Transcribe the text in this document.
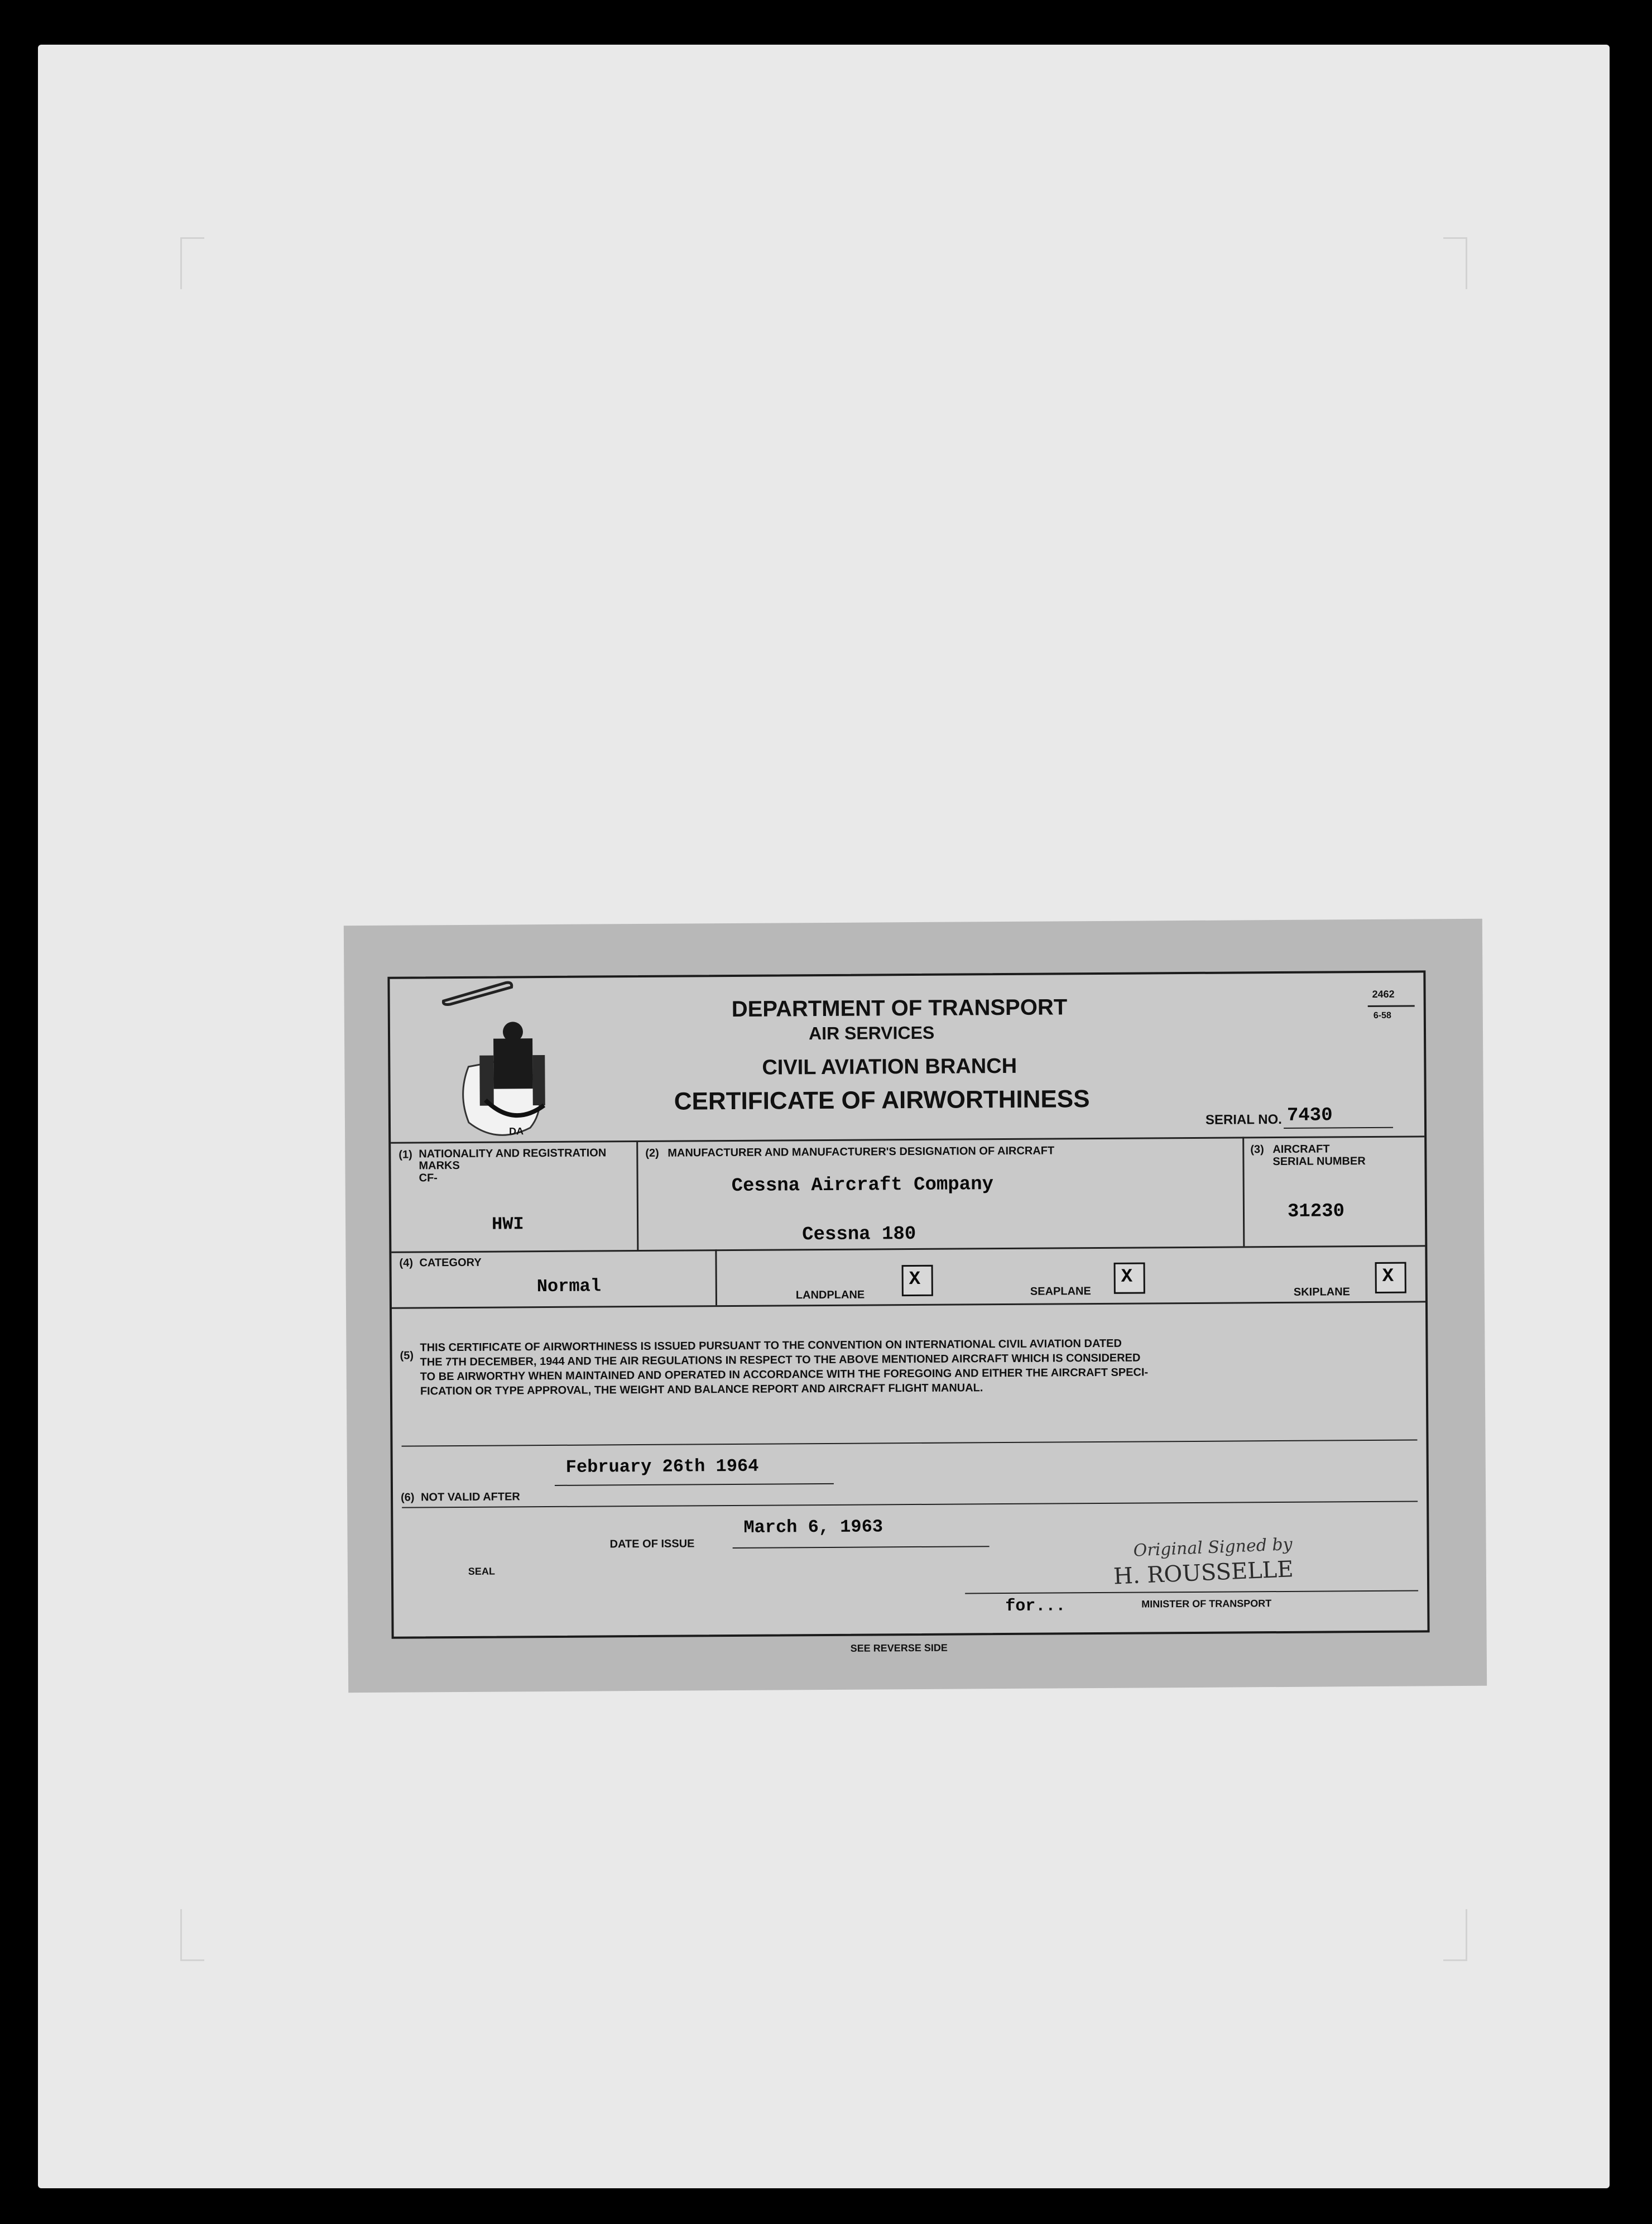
DA
DEPARTMENT OF TRANSPORT
AIR SERVICES
CIVIL AVIATION BRANCH
CERTIFICATE OF AIRWORTHINESS
2462
6-58
SERIAL NO. 7430
(1) NATIONALITY AND REGISTRATION MARKS
CF-
HWI
(2) MANUFACTURER AND MANUFACTURER'S DESIGNATION OF AIRCRAFT
Cessna Aircraft Company
Cessna 180
(3) AIRCRAFT
SERIAL NUMBER
31230
(4) CATEGORY
Normal	LANDPLANE
X
SEAPLANE
X
SKIPLANE
X
(5)
THIS CERTIFICATE OF AIRWORTHINESS IS ISSUED PURSUANT TO THE CONVENTION ON INTERNATIONAL CIVIL AVIATION DATED
THE 7TH DECEMBER, 1944 AND THE AIR REGULATIONS IN RESPECT TO THE ABOVE MENTIONED AIRCRAFT WHICH IS CONSIDERED
TO BE AIRWORTHY WHEN MAINTAINED AND OPERATED IN ACCORDANCE WITH THE FOREGOING AND EITHER THE AIRCRAFT SPECI-
FICATION OR TYPE APPROVAL, THE WEIGHT AND BALANCE REPORT AND AIRCRAFT FLIGHT MANUAL.
February 26th 1964
(6) NOT VALID AFTER
March 6, 1963
DATE OF ISSUE
SEAL
Original Signed by
H. ROUSSELLE
for...	MINISTER OF TRANSPORT
SEE REVERSE SIDE
